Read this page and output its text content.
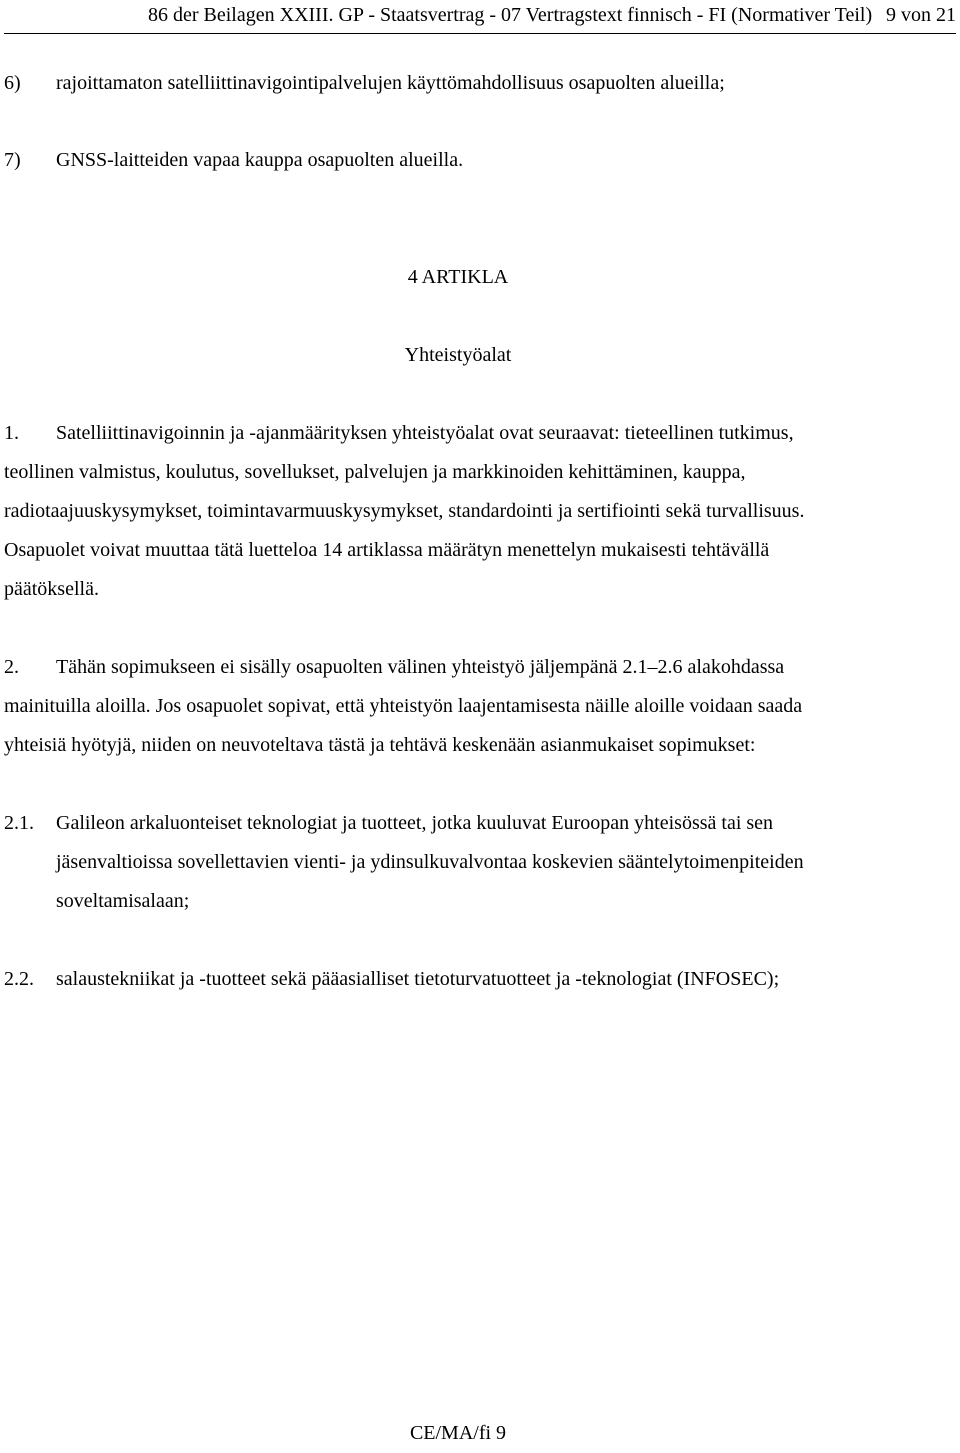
86 der Beilagen XXIII. GP - Staatsvertrag - 07 Vertragstext finnisch - FI (Normativer Teil) 9 von 21
6) rajoittamaton satelliittinavigointipalvelujen käyttömahdollisuus osapuolten alueilla;
7) GNSS-laitteiden vapaa kauppa osapuolten alueilla.
4 ARTIKLA
Yhteistyöalat
1. Satelliittinavigoinnin ja -ajanmäärityksen yhteistyöalat ovat seuraavat: tieteellinen tutkimus,
teollinen valmistus, koulutus, sovellukset, palvelujen ja markkinoiden kehittäminen, kauppa,
radiotaajuuskysymykset, toimintavarmuuskysymykset, standardointi ja sertifiointi sekä turvallisuus.
Osapuolet voivat muuttaa tätä luetteloa 14 artiklassa määrätyn menettelyn mukaisesti tehtävällä
päätöksellä.
2. Tähän sopimukseen ei sisälly osapuolten välinen yhteistyö jäljempänä 2.1–2.6 alakohdassa
mainituilla aloilla. Jos osapuolet sopivat, että yhteistyön laajentamisesta näille aloille voidaan saada
yhteisiä hyötyjä, niiden on neuvoteltava tästä ja tehtävä keskenään asianmukaiset sopimukset:
2.1. Galileon arkaluonteiset teknologiat ja tuotteet, jotka kuuluvat Euroopan yhteisössä tai sen
jäsenvaltioissa sovellettavien vienti- ja ydinsulkuvalvontaa koskevien sääntelytoimenpiteiden
soveltamisalaan;
2.2. salaustekniikat ja -tuotteet sekä pääasialliset tietoturvatuotteet ja -teknologiat (INFOSEC);
CE/MA/fi 9
